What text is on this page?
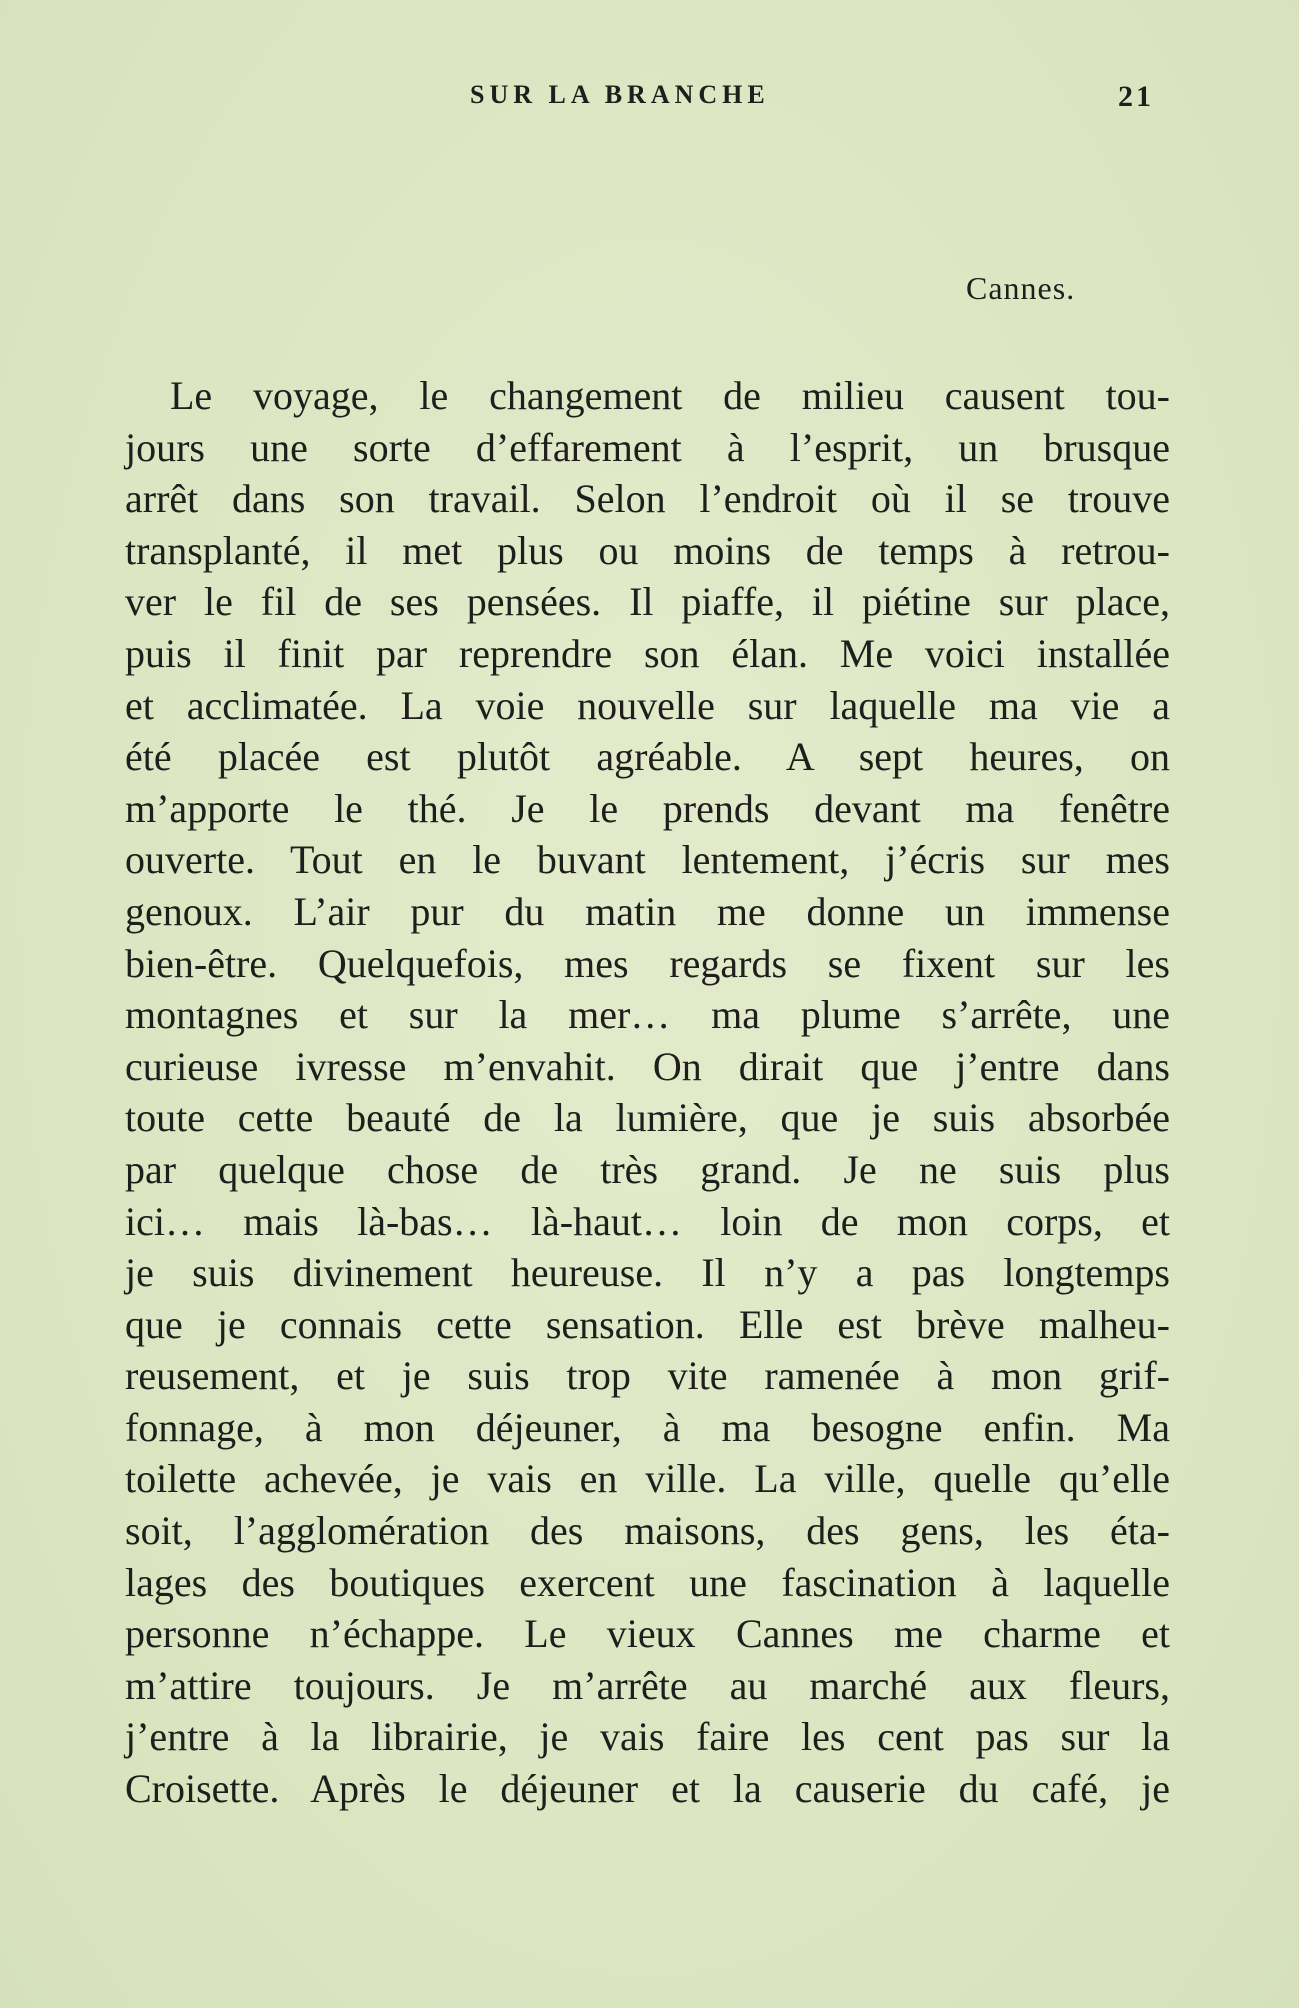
SUR LA BRANCHE	21
Cannes.
Le voyage, le changement de milieu causent tou-
jours une sorte d’effarement à l’esprit, un brusque
arrêt dans son travail. Selon l’endroit où il se trouve
transplanté, il met plus ou moins de temps à retrou-
ver le fil de ses pensées. Il piaffe, il piétine sur place,
puis il finit par reprendre son élan. Me voici installée
et acclimatée. La voie nouvelle sur laquelle ma vie a
été placée est plutôt agréable. A sept heures, on
m’apporte le thé. Je le prends devant ma fenêtre
ouverte. Tout en le buvant lentement, j’écris sur mes
genoux. L’air pur du matin me donne un immense
bien-être. Quelquefois, mes regards se fixent sur les
montagnes et sur la mer… ma plume s’arrête, une
curieuse ivresse m’envahit. On dirait que j’entre dans
toute cette beauté de la lumière, que je suis absorbée
par quelque chose de très grand. Je ne suis plus
ici… mais là-bas… là-haut… loin de mon corps, et
je suis divinement heureuse. Il n’y a pas longtemps
que je connais cette sensation. Elle est brève malheu-
reusement, et je suis trop vite ramenée à mon grif-
fonnage, à mon déjeuner, à ma besogne enfin. Ma
toilette achevée, je vais en ville. La ville, quelle qu’elle
soit, l’agglomération des maisons, des gens, les éta-
lages des boutiques exercent une fascination à laquelle
personne n’échappe. Le vieux Cannes me charme et
m’attire toujours. Je m’arrête au marché aux fleurs,
j’entre à la librairie, je vais faire les cent pas sur la
Croisette. Après le déjeuner et la causerie du café, je
